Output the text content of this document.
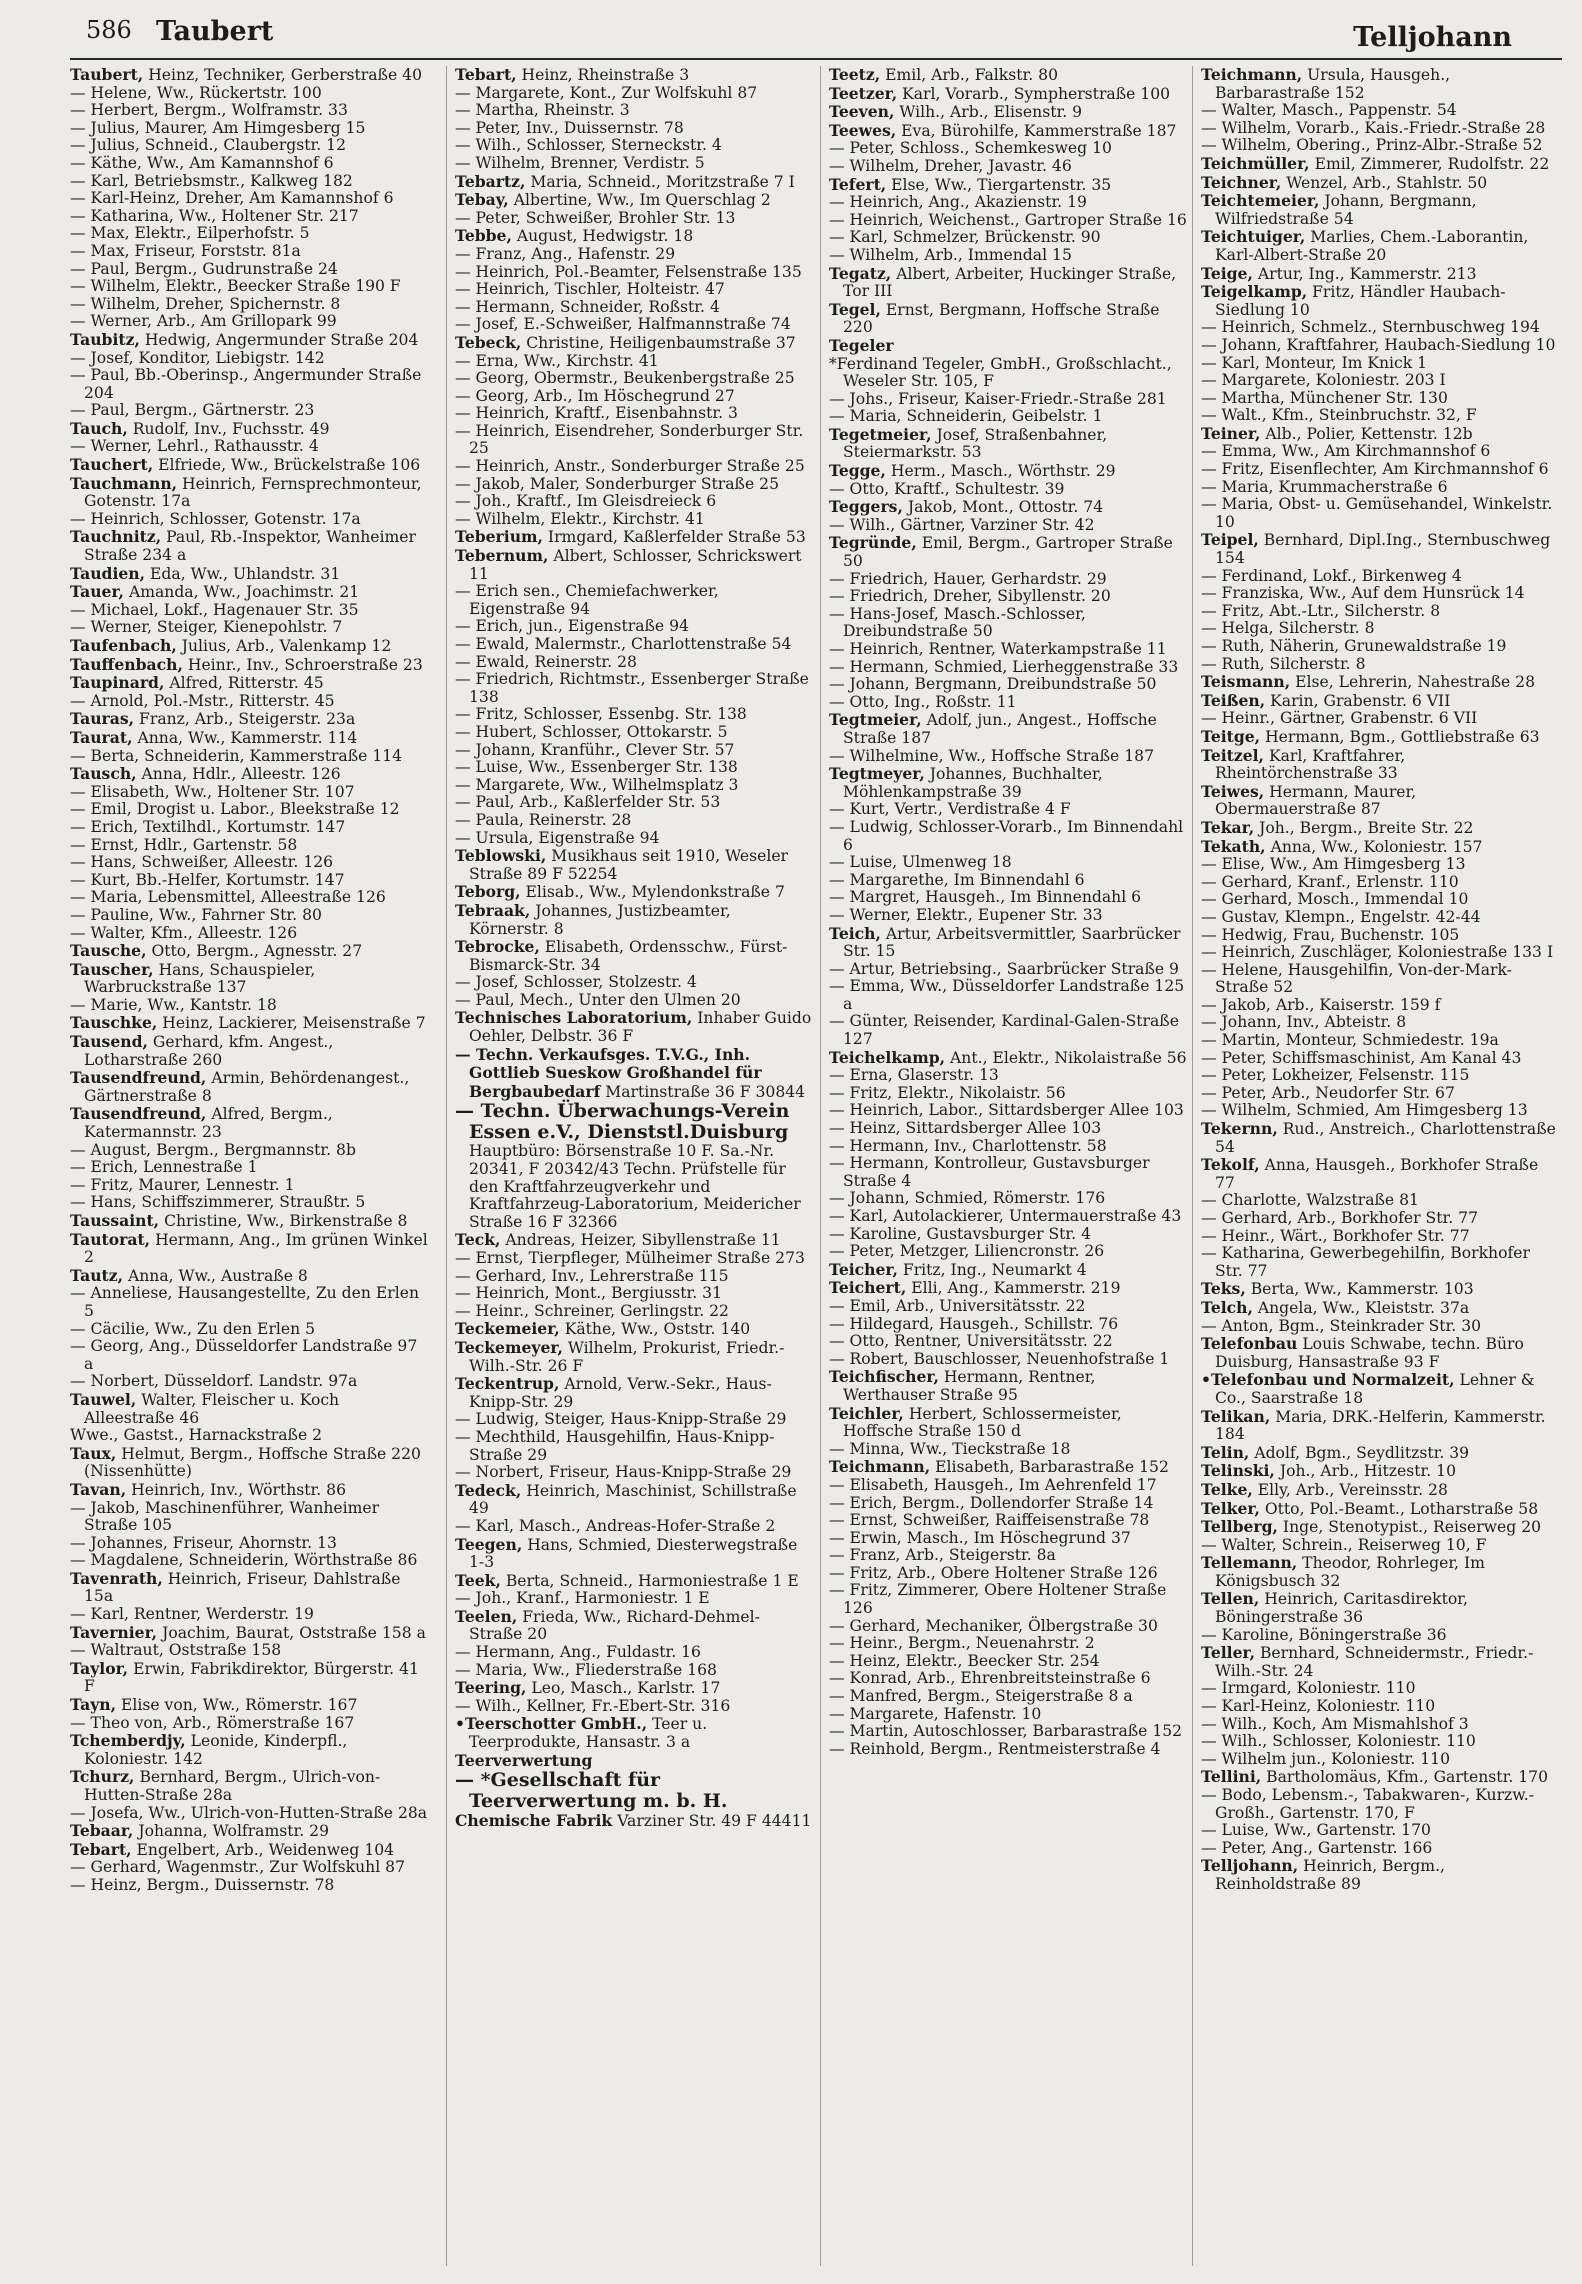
586 Taubert	Telljohann
Taubert, Heinz, Techniker, Gerberstraße 40
— Helene, Ww., Rückertstr. 100
— Herbert, Bergm., Wolframstr. 33
— Julius, Maurer, Am Himgesberg 15
— Julius, Schneid., Claubergstr. 12
— Käthe, Ww., Am Kamannshof 6
— Karl, Betriebsmstr., Kalkweg 182
— Karl-Heinz, Dreher, Am Kamannshof 6
— Katharina, Ww., Holtener Str. 217
— Max, Elektr., Eilperhofstr. 5
— Max, Friseur, Forststr. 81a
— Paul, Bergm., Gudrunstraße 24
— Wilhelm, Elektr., Beecker Straße 190 F
— Wilhelm, Dreher, Spichernstr. 8
— Werner, Arb., Am Grillopark 99
Taubitz, Hedwig, Angermunder Straße 204
— Josef, Konditor, Liebigstr. 142
— Paul, Bb.-Oberinsp., Angermunder Straße 204
— Paul, Bergm., Gärtnerstr. 23
Tauch, Rudolf, Inv., Fuchsstr. 49
— Werner, Lehrl., Rathausstr. 4
Tauchert, Elfriede, Ww., Brückelstraße 106
Tauchmann, Heinrich, Fernsprechmonteur, Gotenstr. 17a
— Heinrich, Schlosser, Gotenstr. 17a
Tauchnitz, Paul, Rb.-Inspektor, Wanheimer Straße 234 a
Taudien, Eda, Ww., Uhlandstr. 31
Tauer, Amanda, Ww., Joachimstr. 21
— Michael, Lokf., Hagenauer Str. 35
— Werner, Steiger, Kienepohlstr. 7
Taufenbach, Julius, Arb., Valenkamp 12
Tauffenbach, Heinr., Inv., Schroerstraße 23
Taupinard, Alfred, Ritterstr. 45
— Arnold, Pol.-Mstr., Ritterstr. 45
Tauras, Franz, Arb., Steigerstr. 23a
Taurat, Anna, Ww., Kammerstr. 114
— Berta, Schneiderin, Kammerstraße 114
Tausch, Anna, Hdlr., Alleestr. 126
— Elisabeth, Ww., Holtener Str. 107
— Emil, Drogist u. Labor., Bleekstraße 12
— Erich, Textilhdl., Kortumstr. 147
— Ernst, Hdlr., Gartenstr. 58
— Hans, Schweißer, Alleestr. 126
— Kurt, Bb.-Helfer, Kortumstr. 147
— Maria, Lebensmittel, Alleestraße 126
— Pauline, Ww., Fahrner Str. 80
— Walter, Kfm., Alleestr. 126
Tausche, Otto, Bergm., Agnesstr. 27
Tauscher, Hans, Schauspieler, Warbruckstraße 137
— Marie, Ww., Kantstr. 18
Tauschke, Heinz, Lackierer, Meisenstraße 7
Tausend, Gerhard, kfm. Angest., Lotharstraße 260
Tausendfreund, Armin, Behördenangest., Gärtnerstraße 8
Tausendfreund, Alfred, Bergm., Katermannstr. 23
— August, Bergm., Bergmannstr. 8b
— Erich, Lennestraße 1
— Fritz, Maurer, Lennestr. 1
— Hans, Schiffszimmerer, Straußtr. 5
Taussaint, Christine, Ww., Birkenstraße 8
Tautorat, Hermann, Ang., Im grünen Winkel 2
Tautz, Anna, Ww., Austraße 8
— Anneliese, Hausangestellte, Zu den Erlen 5
— Cäcilie, Ww., Zu den Erlen 5
— Georg, Ang., Düsseldorfer Landstraße 97 a
— Norbert, Düsseldorf. Landstr. 97a
Tauwel, Walter, Fleischer u. Koch Alleestraße 46
Wwe., Gastst., Harnackstraße 2
Taux, Helmut, Bergm., Hoffsche Straße 220 (Nissenhütte)
Tavan, Heinrich, Inv., Wörthstr. 86
— Jakob, Maschinenführer, Wanheimer Straße 105
— Johannes, Friseur, Ahornstr. 13
— Magdalene, Schneiderin, Wörthstraße 86
Tavenrath, Heinrich, Friseur, Dahlstraße 15a
— Karl, Rentner, Werderstr. 19
Tavernier, Joachim, Baurat, Oststraße 158 a
— Waltraut, Oststraße 158
Taylor, Erwin, Fabrikdirektor, Bürgerstr. 41 F
Tayn, Elise von, Ww., Römerstr. 167
— Theo von, Arb., Römerstraße 167
Tchemberdjy, Leonide, Kinderpfl., Koloniestr. 142
Tchurz, Bernhard, Bergm., Ulrich-von-Hutten-Straße 28a
— Josefa, Ww., Ulrich-von-Hutten-Straße 28a
Tebaar, Johanna, Wolframstr. 29
Tebart, Engelbert, Arb., Weidenweg 104
— Gerhard, Wagenmstr., Zur Wolfskuhl 87
— Heinz, Bergm., Duissernstr. 78
Tebart, Heinz, Rheinstraße 3
— Margarete, Kont., Zur Wolfskuhl 87
— Martha, Rheinstr. 3
— Peter, Inv., Duissernstr. 78
— Wilh., Schlosser, Sterneckstr. 4
— Wilhelm, Brenner, Verdistr. 5
Tebartz, Maria, Schneid., Moritzstraße 7 I
Tebay, Albertine, Ww., Im Querschlag 2
— Peter, Schweißer, Brohler Str. 13
Tebbe, August, Hedwigstr. 18
— Franz, Ang., Hafenstr. 29
— Heinrich, Pol.-Beamter, Felsenstraße 135
— Heinrich, Tischler, Holteistr. 47
— Hermann, Schneider, Roßstr. 4
— Josef, E.-Schweißer, Halfmannstraße 74
Tebeck, Christine, Heiligenbaumstraße 37
— Erna, Ww., Kirchstr. 41
— Georg, Obermstr., Beukenbergstraße 25
— Georg, Arb., Im Höschegrund 27
— Heinrich, Kraftf., Eisenbahnstr. 3
— Heinrich, Eisendreher, Sonderburger Str. 25
— Heinrich, Anstr., Sonderburger Straße 25
— Jakob, Maler, Sonderburger Straße 25
— Joh., Kraftf., Im Gleisdreieck 6
— Wilhelm, Elektr., Kirchstr. 41
Teberium, Irmgard, Kaßlerfelder Straße 53
Tebernum, Albert, Schlosser, Schrickswert 11
— Erich sen., Chemiefachwerker, Eigenstraße 94
— Erich, jun., Eigenstraße 94
— Ewald, Malermstr., Charlottenstraße 54
— Ewald, Reinerstr. 28
— Friedrich, Richtmstr., Essenberger Straße 138
— Fritz, Schlosser, Essenbg. Str. 138
— Hubert, Schlosser, Ottokarstr. 5
— Johann, Kranführ., Clever Str. 57
— Luise, Ww., Essenberger Str. 138
— Margarete, Ww., Wilhelmsplatz 3
— Paul, Arb., Kaßlerfelder Str. 53
— Paula, Reinerstr. 28
— Ursula, Eigenstraße 94
Teblowski, Musikhaus seit 1910, Weseler Straße 89 F 52254
Teborg, Elisab., Ww., Mylendonkstraße 7
Tebraak, Johannes, Justizbeamter, Körnerstr. 8
Tebrocke, Elisabeth, Ordensschw., Fürst-Bismarck-Str. 34
— Josef, Schlosser, Stolzestr. 4
— Paul, Mech., Unter den Ulmen 20
Technisches Laboratorium, Inhaber Guido Oehler, Delbstr. 36 F
— Techn. Verkaufsges. T.V.G., Inh. Gottlieb Sueskow Großhandel für Bergbaubedarf Martinstraße 36 F 30844
— Techn. Überwachungs-Verein Essen e.V., Dienststl.Duisburg Hauptbüro: Börsenstraße 10 F. Sa.-Nr. 20341, F 20342/43 Techn. Prüfstelle für den Kraftfahrzeugverkehr und Kraftfahrzeug-Laboratorium, Meidericher Straße 16 F 32366
Teck, Andreas, Heizer, Sibyllenstraße 11
— Ernst, Tierpfleger, Mülheimer Straße 273
— Gerhard, Inv., Lehrerstraße 115
— Heinrich, Mont., Bergiusstr. 31
— Heinr., Schreiner, Gerlingstr. 22
Teckemeier, Käthe, Ww., Oststr. 140
Teckemeyer, Wilhelm, Prokurist, Friedr.-Wilh.-Str. 26 F
Teckentrup, Arnold, Verw.-Sekr., Haus-Knipp-Str. 29
— Ludwig, Steiger, Haus-Knipp-Straße 29
— Mechthild, Hausgehilfin, Haus-Knipp-Straße 29
— Norbert, Friseur, Haus-Knipp-Straße 29
Tedeck, Heinrich, Maschinist, Schillstraße 49
— Karl, Masch., Andreas-Hofer-Straße 2
Teegen, Hans, Schmied, Diesterwegstraße 1-3
Teek, Berta, Schneid., Harmoniestraße 1 E
— Joh., Kranf., Harmoniestr. 1 E
Teelen, Frieda, Ww., Richard-Dehmel-Straße 20
— Hermann, Ang., Fuldastr. 16
— Maria, Ww., Fliederstraße 168
Teering, Leo, Masch., Karlstr. 17
— Wilh., Kellner, Fr.-Ebert-Str. 316
•Teerschotter GmbH., Teer u. Teerprodukte, Hansastr. 3 a
Teerverwertung
— *Gesellschaft für Teerverwertung m. b. H.
Chemische Fabrik Varziner Str. 49 F 44411
Teetz, Emil, Arb., Falkstr. 80
Teetzer, Karl, Vorarb., Sympherstraße 100
Teeven, Wilh., Arb., Elisenstr. 9
Teewes, Eva, Bürohilfe, Kammerstraße 187
— Peter, Schloss., Schemkesweg 10
— Wilhelm, Dreher, Javastr. 46
Tefert, Else, Ww., Tiergartenstr. 35
— Heinrich, Ang., Akazienstr. 19
— Heinrich, Weichenst., Gartroper Straße 16
— Karl, Schmelzer, Brückenstr. 90
— Wilhelm, Arb., Immendal 15
Tegatz, Albert, Arbeiter, Huckinger Straße, Tor III
Tegel, Ernst, Bergmann, Hoffsche Straße 220
Tegeler
*Ferdinand Tegeler, GmbH., Großschlacht., Weseler Str. 105, F
— Johs., Friseur, Kaiser-Friedr.-Straße 281
— Maria, Schneiderin, Geibelstr. 1
Tegetmeier, Josef, Straßenbahner, Steiermarkstr. 53
Tegge, Herm., Masch., Wörthstr. 29
— Otto, Kraftf., Schultestr. 39
Teggers, Jakob, Mont., Ottostr. 74
— Wilh., Gärtner, Varziner Str. 42
Tegründe, Emil, Bergm., Gartroper Straße 50
— Friedrich, Hauer, Gerhardstr. 29
— Friedrich, Dreher, Sibyllenstr. 20
— Hans-Josef, Masch.-Schlosser, Dreibundstraße 50
— Heinrich, Rentner, Waterkampstraße 11
— Hermann, Schmied, Lierheggenstraße 33
— Johann, Bergmann, Dreibundstraße 50
— Otto, Ing., Roßstr. 11
Tegtmeier, Adolf, jun., Angest., Hoffsche Straße 187
— Wilhelmine, Ww., Hoffsche Straße 187
Tegtmeyer, Johannes, Buchhalter, Möhlenkampstraße 39
— Kurt, Vertr., Verdistraße 4 F
— Ludwig, Schlosser-Vorarb., Im Binnendahl 6
— Luise, Ulmenweg 18
— Margarethe, Im Binnendahl 6
— Margret, Hausgeh., Im Binnendahl 6
— Werner, Elektr., Eupener Str. 33
Teich, Artur, Arbeitsvermittler, Saarbrücker Str. 15
— Artur, Betriebsing., Saarbrücker Straße 9
— Emma, Ww., Düsseldorfer Landstraße 125 a
— Günter, Reisender, Kardinal-Galen-Straße 127
Teichelkamp, Ant., Elektr., Nikolaistraße 56
— Erna, Glaserstr. 13
— Fritz, Elektr., Nikolaistr. 56
— Heinrich, Labor., Sittardsberger Allee 103
— Heinz, Sittardsberger Allee 103
— Hermann, Inv., Charlottenstr. 58
— Hermann, Kontrolleur, Gustavsburger Straße 4
— Johann, Schmied, Römerstr. 176
— Karl, Autolackierer, Untermauerstraße 43
— Karoline, Gustavsburger Str. 4
— Peter, Metzger, Liliencronstr. 26
Teicher, Fritz, Ing., Neumarkt 4
Teichert, Elli, Ang., Kammerstr. 219
— Emil, Arb., Universitätsstr. 22
— Hildegard, Hausgeh., Schillstr. 76
— Otto, Rentner, Universitätsstr. 22
— Robert, Bauschlosser, Neuenhofstraße 1
Teichfischer, Hermann, Rentner, Werthauser Straße 95
Teichler, Herbert, Schlossermeister, Hoffsche Straße 150 d
— Minna, Ww., Tieckstraße 18
Teichmann, Elisabeth, Barbarastraße 152
— Elisabeth, Hausgeh., Im Aehrenfeld 17
— Erich, Bergm., Dollendorfer Straße 14
— Ernst, Schweißer, Raiffeisenstraße 78
— Erwin, Masch., Im Höschegrund 37
— Franz, Arb., Steigerstr. 8a
— Fritz, Arb., Obere Holtener Straße 126
— Fritz, Zimmerer, Obere Holtener Straße 126
— Gerhard, Mechaniker, Ölbergstraße 30
— Heinr., Bergm., Neuenahrstr. 2
— Heinz, Elektr., Beecker Str. 254
— Konrad, Arb., Ehrenbreitsteinstraße 6
— Manfred, Bergm., Steigerstraße 8 a
— Margarete, Hafenstr. 10
— Martin, Autoschlosser, Barbarastraße 152
— Reinhold, Bergm., Rentmeisterstraße 4
Teichmann, Ursula, Hausgeh., Barbarastraße 152
— Walter, Masch., Pappenstr. 54
— Wilhelm, Vorarb., Kais.-Friedr.-Straße 28
— Wilhelm, Obering., Prinz-Albr.-Straße 52
Teichmüller, Emil, Zimmerer, Rudolfstr. 22
Teichner, Wenzel, Arb., Stahlstr. 50
Teichtemeier, Johann, Bergmann, Wilfriedstraße 54
Teichtuiger, Marlies, Chem.-Laborantin, Karl-Albert-Straße 20
Teige, Artur, Ing., Kammerstr. 213
Teigelkamp, Fritz, Händler Haubach-Siedlung 10
— Heinrich, Schmelz., Sternbuschweg 194
— Johann, Kraftfahrer, Haubach-Siedlung 10
— Karl, Monteur, Im Knick 1
— Margarete, Koloniestr. 203 I
— Martha, Münchener Str. 130
— Walt., Kfm., Steinbruchstr. 32, F
Teiner, Alb., Polier, Kettenstr. 12b
— Emma, Ww., Am Kirchmannshof 6
— Fritz, Eisenflechter, Am Kirchmannshof 6
— Maria, Krummacherstraße 6
— Maria, Obst- u. Gemüsehandel, Winkelstr. 10
Teipel, Bernhard, Dipl.Ing., Sternbuschweg 154
— Ferdinand, Lokf., Birkenweg 4
— Franziska, Ww., Auf dem Hunsrück 14
— Fritz, Abt.-Ltr., Silcherstr. 8
— Helga, Silcherstr. 8
— Ruth, Näherin, Grunewaldstraße 19
— Ruth, Silcherstr. 8
Teismann, Else, Lehrerin, Nahestraße 28
Teißen, Karin, Grabenstr. 6 VII
— Heinr., Gärtner, Grabenstr. 6 VII
Teitge, Hermann, Bgm., Gottliebstraße 63
Teitzel, Karl, Kraftfahrer, Rheintörchenstraße 33
Teiwes, Hermann, Maurer, Obermauerstraße 87
Tekar, Joh., Bergm., Breite Str. 22
Tekath, Anna, Ww., Koloniestr. 157
— Elise, Ww., Am Himgesberg 13
— Gerhard, Kranf., Erlenstr. 110
— Gerhard, Mosch., Immendal 10
— Gustav, Klempn., Engelstr. 42-44
— Hedwig, Frau, Buchenstr. 105
— Heinrich, Zuschläger, Koloniestraße 133 I
— Helene, Hausgehilfin, Von-der-Mark-Straße 52
— Jakob, Arb., Kaiserstr. 159 f
— Johann, Inv., Abteistr. 8
— Martin, Monteur, Schmiedestr. 19a
— Peter, Schiffsmaschinist, Am Kanal 43
— Peter, Lokheizer, Felsenstr. 115
— Peter, Arb., Neudorfer Str. 67
— Wilhelm, Schmied, Am Himgesberg 13
Tekernn, Rud., Anstreich., Charlottenstraße 54
Tekolf, Anna, Hausgeh., Borkhofer Straße 77
— Charlotte, Walzstraße 81
— Gerhard, Arb., Borkhofer Str. 77
— Heinr., Wärt., Borkhofer Str. 77
— Katharina, Gewerbegehilfin, Borkhofer Str. 77
Teks, Berta, Ww., Kammerstr. 103
Telch, Angela, Ww., Kleiststr. 37a
— Anton, Bgm., Steinkrader Str. 30
Telefonbau Louis Schwabe, techn. Büro Duisburg, Hansastraße 93 F
•Telefonbau und Normalzeit, Lehner & Co., Saarstraße 18
Telikan, Maria, DRK.-Helferin, Kammerstr. 184
Telin, Adolf, Bgm., Seydlitzstr. 39
Telinski, Joh., Arb., Hitzestr. 10
Telke, Elly, Arb., Vereinsstr. 28
Telker, Otto, Pol.-Beamt., Lotharstraße 58
Tellberg, Inge, Stenotypist., Reiserweg 20
— Walter, Schrein., Reiserweg 10, F
Tellemann, Theodor, Rohrleger, Im Königsbusch 32
Tellen, Heinrich, Caritasdirektor, Böningerstraße 36
— Karoline, Böningerstraße 36
Teller, Bernhard, Schneidermstr., Friedr.-Wilh.-Str. 24
— Irmgard, Koloniestr. 110
— Karl-Heinz, Koloniestr. 110
— Wilh., Koch, Am Mismahlshof 3
— Wilh., Schlosser, Koloniestr. 110
— Wilhelm jun., Koloniestr. 110
Tellini, Bartholomäus, Kfm., Gartenstr. 170
— Bodo, Lebensm.-, Tabakwaren-, Kurzw.-Großh., Gartenstr. 170, F
— Luise, Ww., Gartenstr. 170
— Peter, Ang., Gartenstr. 166
Telljohann, Heinrich, Bergm., Reinholdstraße 89
